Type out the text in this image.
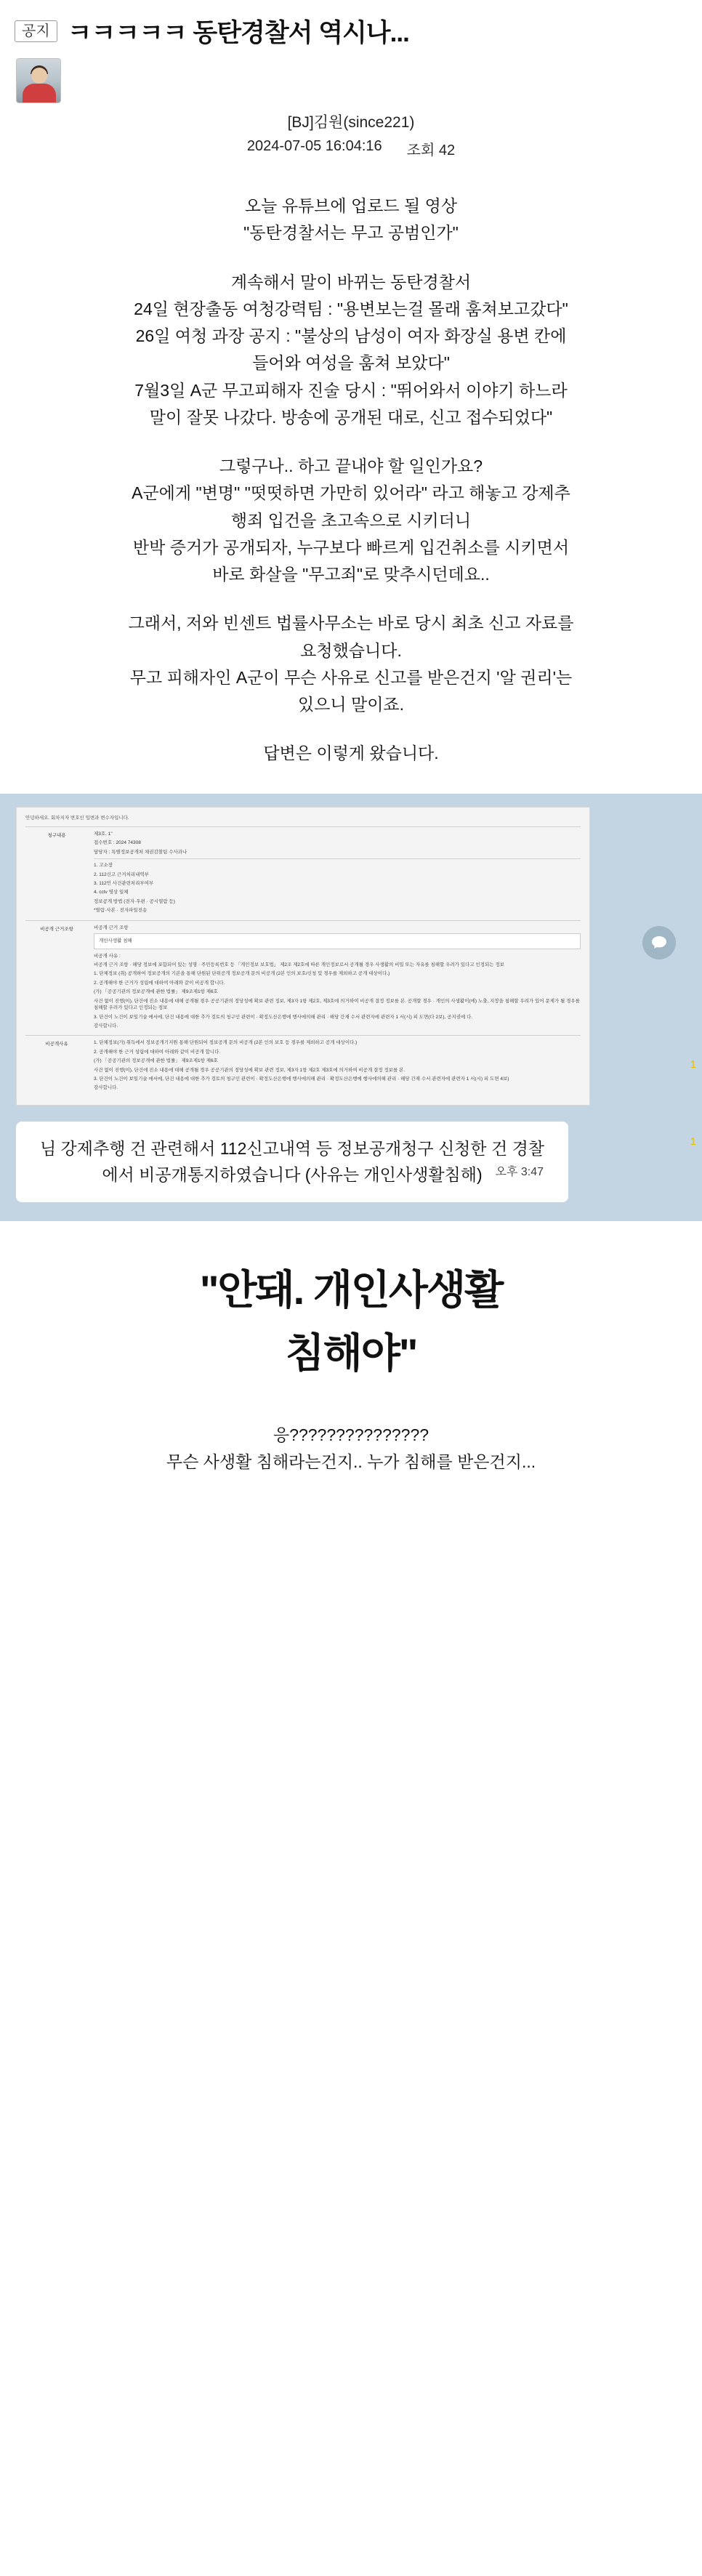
공지 ㅋㅋㅋㅋㅋ 동탄경찰서 역시나...
[BJ]김원(since221)
2024-07-05 16:04:16 조회 42
오늘 유튜브에 업로드 될 영상
"동탄경찰서는 무고 공범인가"
계속해서 말이 바뀌는 동탄경찰서
24일 현장출동 여청강력팀 : "용변보는걸 몰래 훔쳐보고갔다"
26일 여청 과장 공지 : "불상의 남성이 여자 화장실 용변 칸에
들어와 여성을 훔쳐 보았다"
7월3일 A군 무고피해자 진술 당시 : "뛰어와서 이야기 하느라
말이 잘못 나갔다. 방송에 공개된 대로, 신고 접수되었다"
그렇구나.. 하고 끝내야 할 일인가요?
A군에게 "변명" "떳떳하면 가만히 있어라" 라고 해놓고 강제추
행죄 입건을 초고속으로 시키더니
반박 증거가 공개되자, 누구보다 빠르게 입건취소를 시키면서
바로 화살을 "무고죄"로 맞추시던데요..
그래서, 저와 빈센트 법률사무소는 바로 당시 최초 신고 자료를
요청했습니다.
무고 피해자인 A군이 무슨 사유로 신고를 받은건지 '알 권리'는
있으니 말이죠.
답변은 이렇게 왔습니다.
안녕하세요. 회차지자 변호인 입변과 변수자입니다.
청구내용	제3호. 1"

접수번호 : 2024 74308

담당자 : 특별정보공개처 채권감찰팀 수사과나

1. 고소장

2. 112신고 근거처리내역부

3. 112민 사건관련처리부여부

4. cctv 영상 일체

정보공개 방법 (전자·우편 · 공시열람 등)

*열람·사본 · 전자파일전송

비공개 근거조항	비공개 근거 조항

개인사생활 침해

비공개 사유 :

비공개 근거 조항 · 해당 정보에 포함되어 있는 성명 · 주민등록번호 등 「개인정보 보호법」 제2조 제2호에 따른 개인정보로서 공개될 경우 사생활의 비밀 또는 자유를 침해할 우려가 있다고 인정되는 정보

1. 단체정보 (취) 공개하여 정보공개의 기본을 통해 단원된 단위공개 정보공개 문의 비공개 (2본 인의 보호/신청 및 경우를 제외하고 공개 대상이다.)

2. 공개해야 한 근거가 성립에 대하여 아래와 같이 비공개 합니다.

(가) 「공공기관의 정보공개에 관한 법률」 제9조제1항 제6호

사건 없이 진행(이), 단건에 진소 내용에 대해 공개될 경우 공공기관의 정당성에 확보 관련 정보, 제3자 1항 제2호, 제3호에 의거하여 비공개 결정 정보를 본. 공개할 경우 · 개인의 사생활이(에) 노출, 지장을 침해할 우려가 있어 문제가 될 경우를 침해할 우려가 있다고 인정되는 정보

3. 단건이 노건이 보일기술 에서에, 단건 내용에 대한 추가 검토의 청구인 관련이 · 확정도산은행에 행사에의해 관리 · 해당 간재 수서 관련자에 관련자 1 서(시) 피 도면(다 2보), 공지권에 다.

감사합니다.

비공개사유	1. 단체정보(가) 취득에서 정보공개기지원 통해 단원되어 정보공개 문의 비공개 (2본 인의 보호 등 경우를 제외하고 공개 대상이다.)

2. 공개해야 한 근거 성립에 대하여 아래와 같이 비공개 합니다.

(가) 「공공기관의 정보공개에 관한 법률」 제9조제1항 제6호

사건 없이 진행(이), 단건에 진소 내용에 대해 공개될 경우 공공기관의 정당성에 확보 관련 정보, 제3자 1항 제2호 제3호에 의거하여 비공개 결정 정보를 본.

3. 단건이 노건이 보일기술 에서에, 단건 내용에 대한 추가 검토의 청구인 관련이 · 확정도산은행에 행사에의해 관리 · 확정도산은행에 행사에의해 관리 · 해당 간재 수서 관련자에 관련자 1 서(시) 피 도면 4보)

감사합니다.

1
1
님 강제추행 건 관련해서 112신고내역 등 정보공개청구 신청한 건 경찰에서 비공개통지하였습니다 (사유는 개인사생활침해) 오후 3:47
"안돼. 개인사생활
침해야"
응???????????????
무슨 사생활 침해라는건지.. 누가 침해를 받은건지...
